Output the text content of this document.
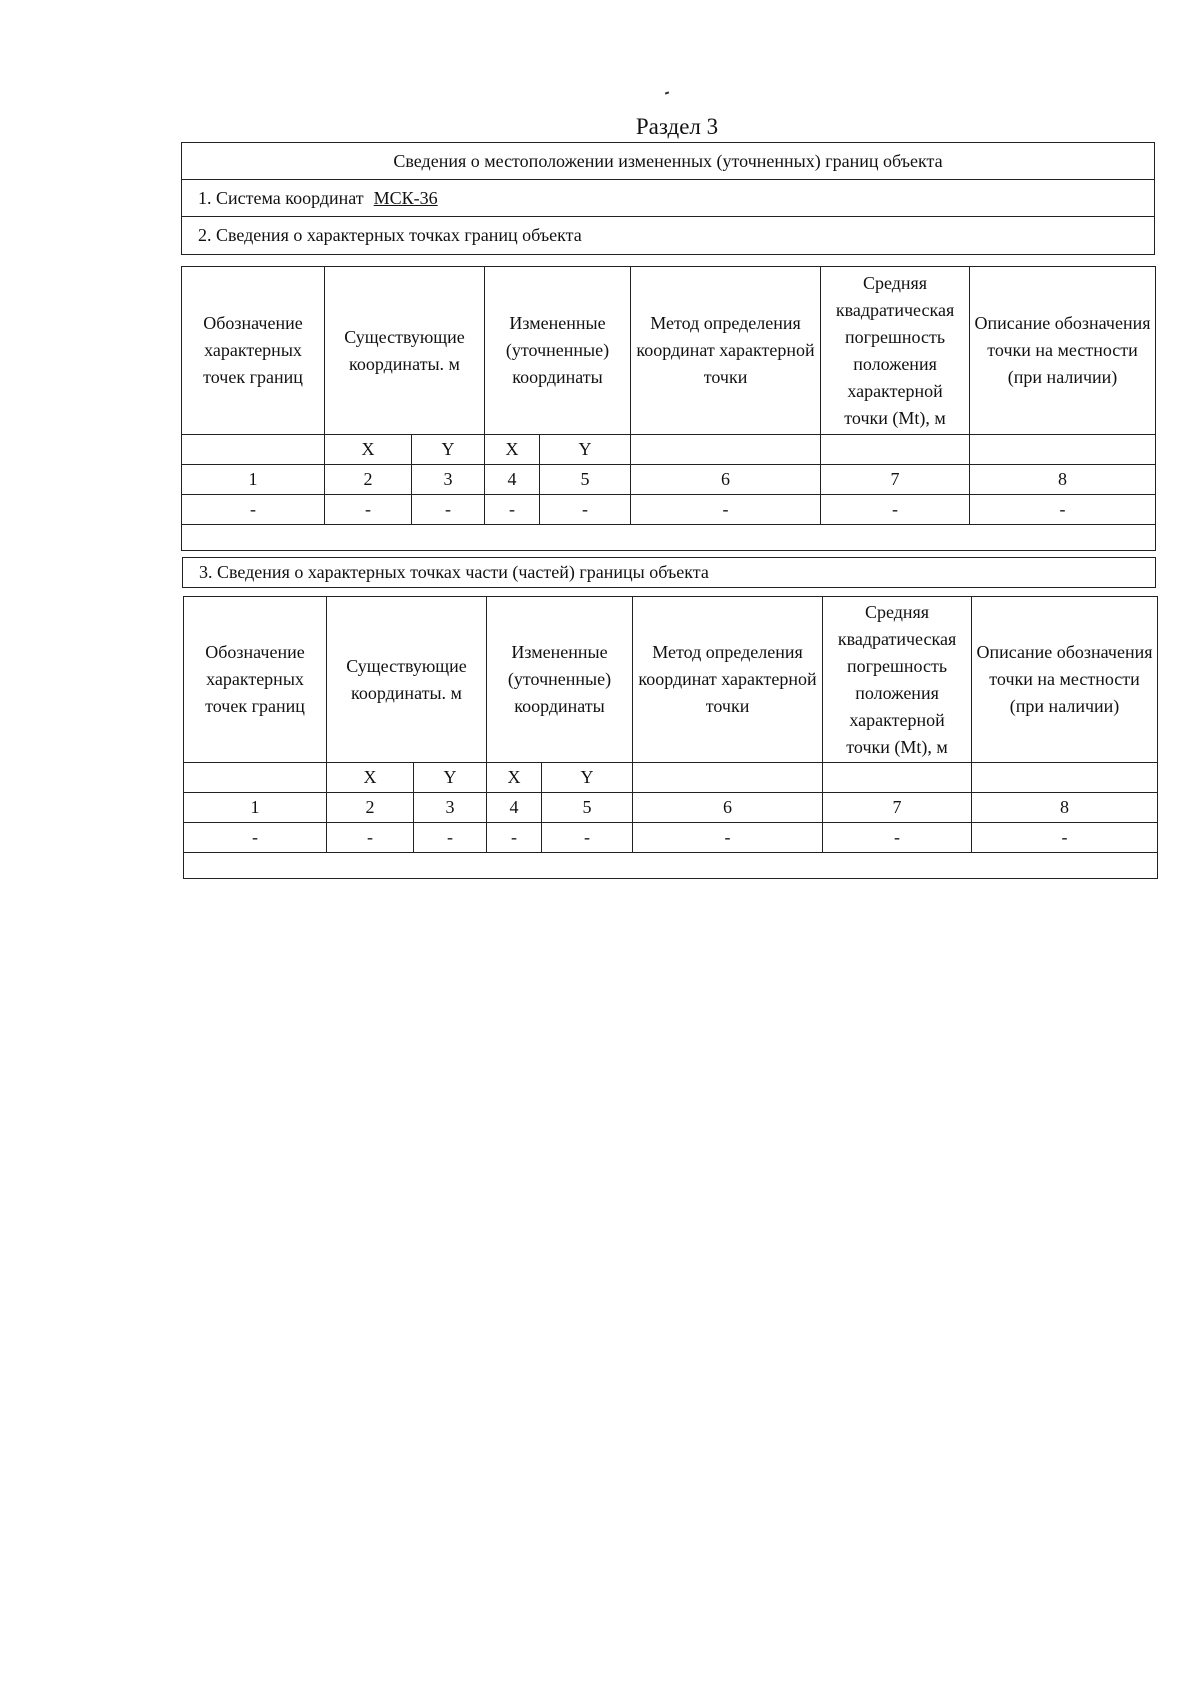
Раздел 3
Сведения о местоположении измененных (уточненных) границ объекта
1. Система координат МСК-36
2. Сведения о характерных точках границ объекта
Обозначение характерных точек границ	Существующие координаты. м		Измененные (уточненные) координаты		Метод определения координат характерной точки	Средняя квадратическая погрешность положения характерной точки (Mt), м	Описание обозначения точки на местности (при наличии)
	X	Y	X	Y			
1	2	3	4	5	6	7	8
-	-	-	-	-	-	-	-

3. Сведения о характерных точках части (частей) границы объекта
Обозначение характерных точек границ	Существующие координаты. м		Измененные (уточненные) координаты		Метод определения координат характерной точки	Средняя квадратическая погрешность положения характерной точки (Mt), м	Описание обозначения точки на местности (при наличии)
	X	Y	X	Y			
1	2	3	4	5	6	7	8
-	-	-	-	-	-	-	-
